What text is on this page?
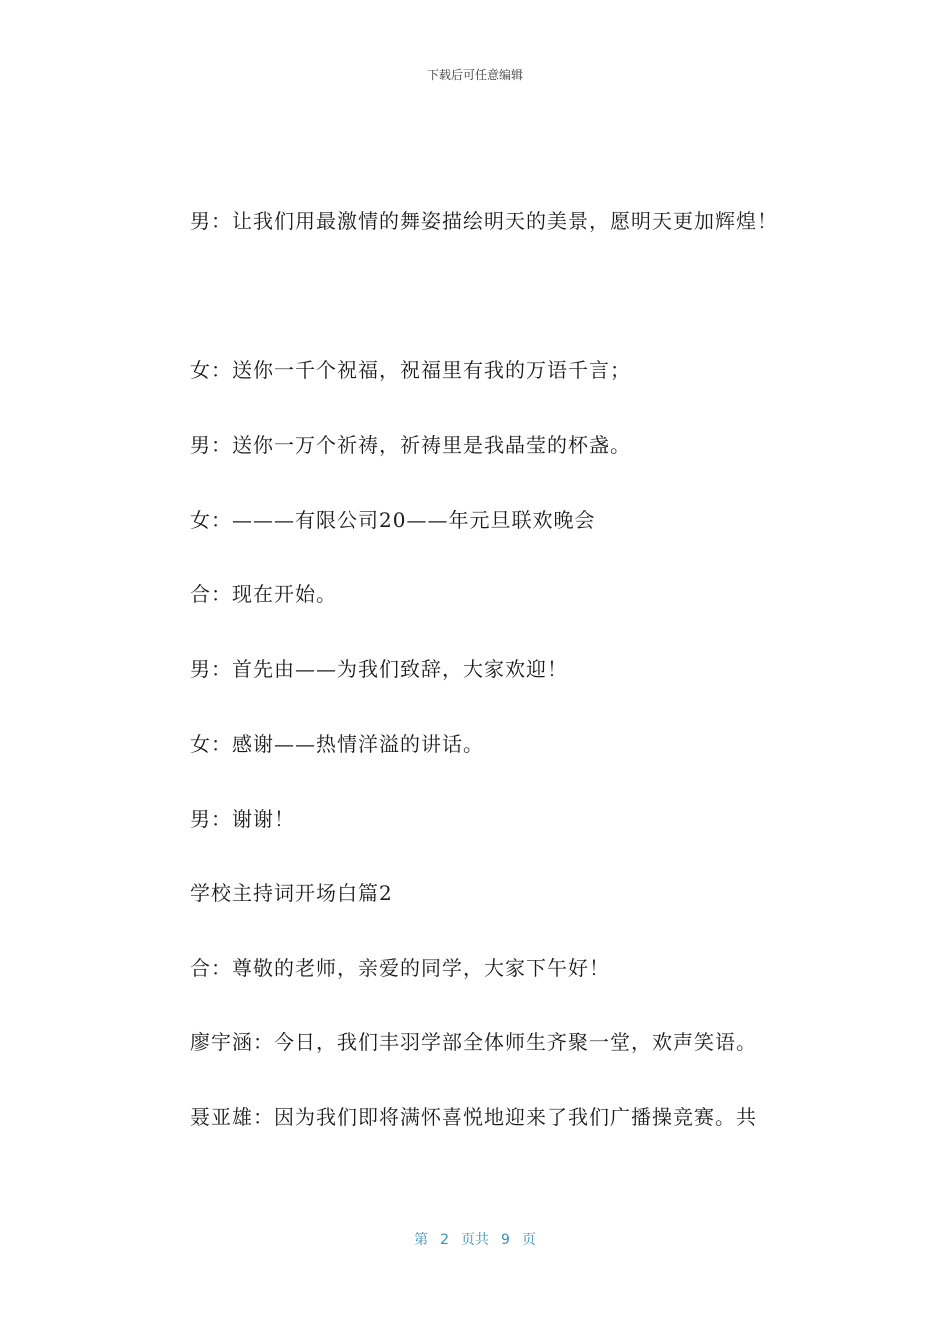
下载后可任意编辑
男：让我们用最激情的舞姿描绘明天的美景，愿明天更加辉煌！
女：送你一千个祝福，祝福里有我的万语千言；
男：送你一万个祈祷，祈祷里是我晶莹的杯盏。
女：———有限公司20——年元旦联欢晚会
合：现在开始。
男：首先由——为我们致辞，大家欢迎！
女：感谢——热情洋溢的讲话。
男：谢谢！
学校主持词开场白篇2
合：尊敬的老师，亲爱的同学，大家下午好！
廖宇涵：今日，我们丰羽学部全体师生齐聚一堂，欢声笑语。
聂亚雄：因为我们即将满怀喜悦地迎来了我们广播操竞赛。共
第 2 页共 9 页
